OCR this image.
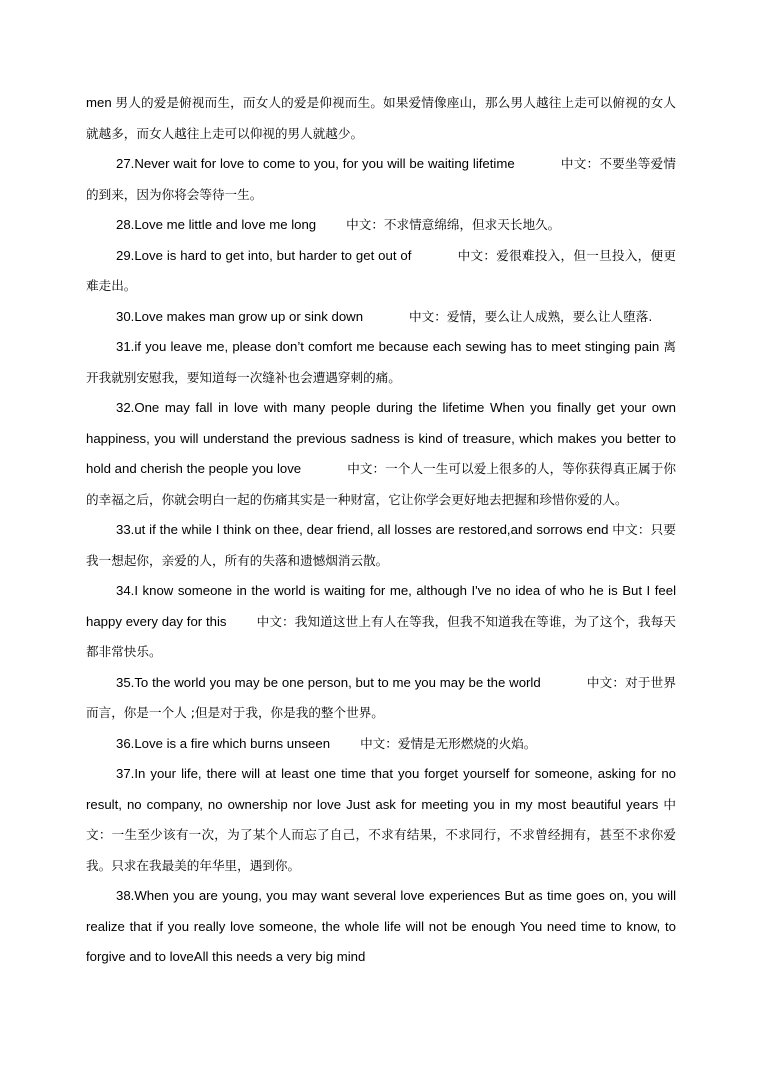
men 男人的爱是俯视而生，而女人的爱是仰视而生。如果爱情像座山，那么男人越往上走可以俯视的女人就越多，而女人越往上走可以仰视的男人就越少。
27.Never wait for love to come to you, for you will be waiting lifetime	中文：不要坐等爱情的到来，因为你将会等待一生。
28.Love me little and love me long 中文：不求情意绵绵，但求天长地久。
29.Love is hard to get into, but harder to get out of	中文：爱很难投入，但一旦投入，便更难走出。
30.Love makes man grow up or sink down	中文：爱情，要么让人成熟，要么让人堕落.
31.if you leave me, please don’t comfort me because each sewing has to meet stinging pain 离开我就别安慰我，要知道每一次缝补也会遭遇穿刺的痛。
32.One may fall in love with many people during the lifetime When you finally get your own happiness, you will understand the previous sadness is kind of treasure, which makes you better to hold and cherish the people you love	中文：一个人一生可以爱上很多的人，等你获得真正属于你的幸福之后，你就会明白一起的伤痛其实是一种财富，它让你学会更好地去把握和珍惜你爱的人。
33.ut if the while I think on thee, dear friend, all losses are restored,and sorrows end 中文：只要我一想起你，亲爱的人，所有的失落和遗憾烟消云散。
34.I know someone in the world is waiting for me, although I've no idea of who he is But I feel happy every day for this 中文：我知道这世上有人在等我，但我不知道我在等谁，为了这个，我每天都非常快乐。
35.To the world you may be one person, but to me you may be the world	中文：对于世界而言，你是一个人 ;但是对于我，你是我的整个世界。
36.Love is a fire which burns unseen 中文：爱情是无形燃烧的火焰。
37.In your life, there will at least one time that you forget yourself for someone, asking for no result, no company, no ownership nor love Just ask for meeting you in my most beautiful years 中文：一生至少该有一次，为了某个人而忘了自己，不求有结果，不求同行，不求曾经拥有，甚至不求你爱我。只求在我最美的年华里，遇到你。
38.When you are young, you may want several love experiences But as time goes on, you will realize that if you really love someone, the whole life will not be enough You need time to know, to forgive and to loveAll this needs a very big mind
